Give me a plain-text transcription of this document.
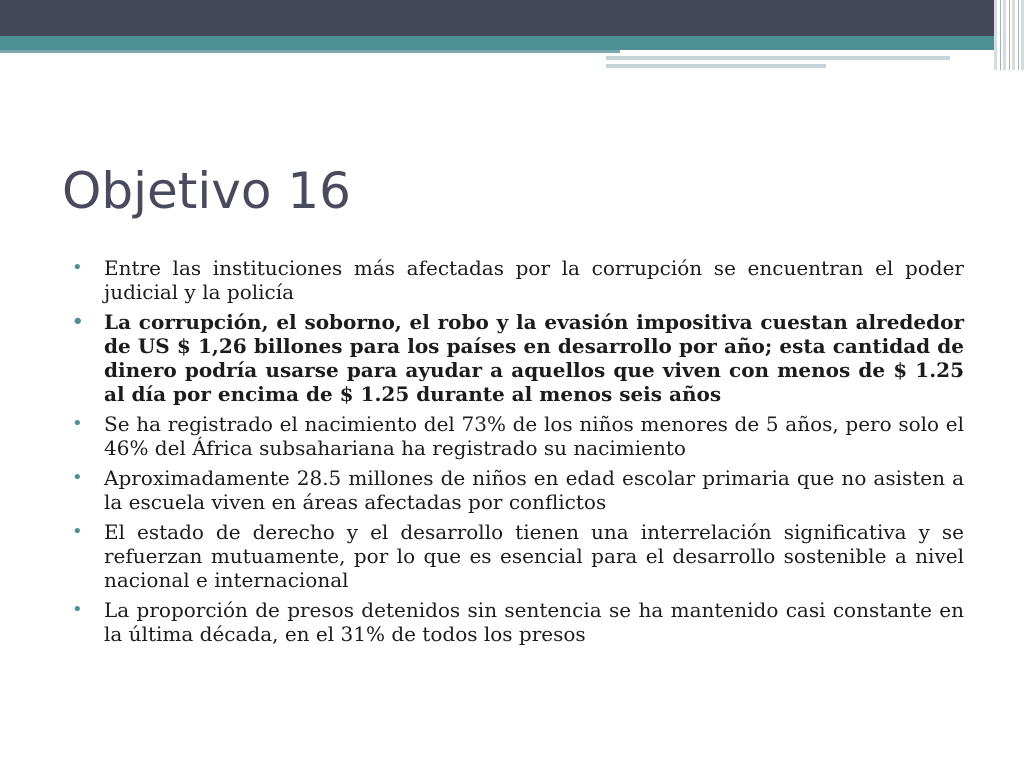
Objetivo 16
• Entre las instituciones más afectadas por la corrupción se encuentran el poder judicial y la policía
• La corrupción, el soborno, el robo y la evasión impositiva cuestan alrededor de US $ 1,26 billones para los países en desarrollo por año; esta cantidad de dinero podría usarse para ayudar a aquellos que viven con menos de $ 1.25 al día por encima de $ 1.25 durante al menos seis años
• Se ha registrado el nacimiento del 73% de los niños menores de 5 años, pero solo el 46% del África subsahariana ha registrado su nacimiento
• Aproximadamente 28.5 millones de niños en edad escolar primaria que no asisten a la escuela viven en áreas afectadas por conflictos
• El estado de derecho y el desarrollo tienen una interrelación significativa y se refuerzan mutuamente, por lo que es esencial para el desarrollo sostenible a nivel nacional e internacional
• La proporción de presos detenidos sin sentencia se ha mantenido casi constante en la última década, en el 31% de todos los presos
